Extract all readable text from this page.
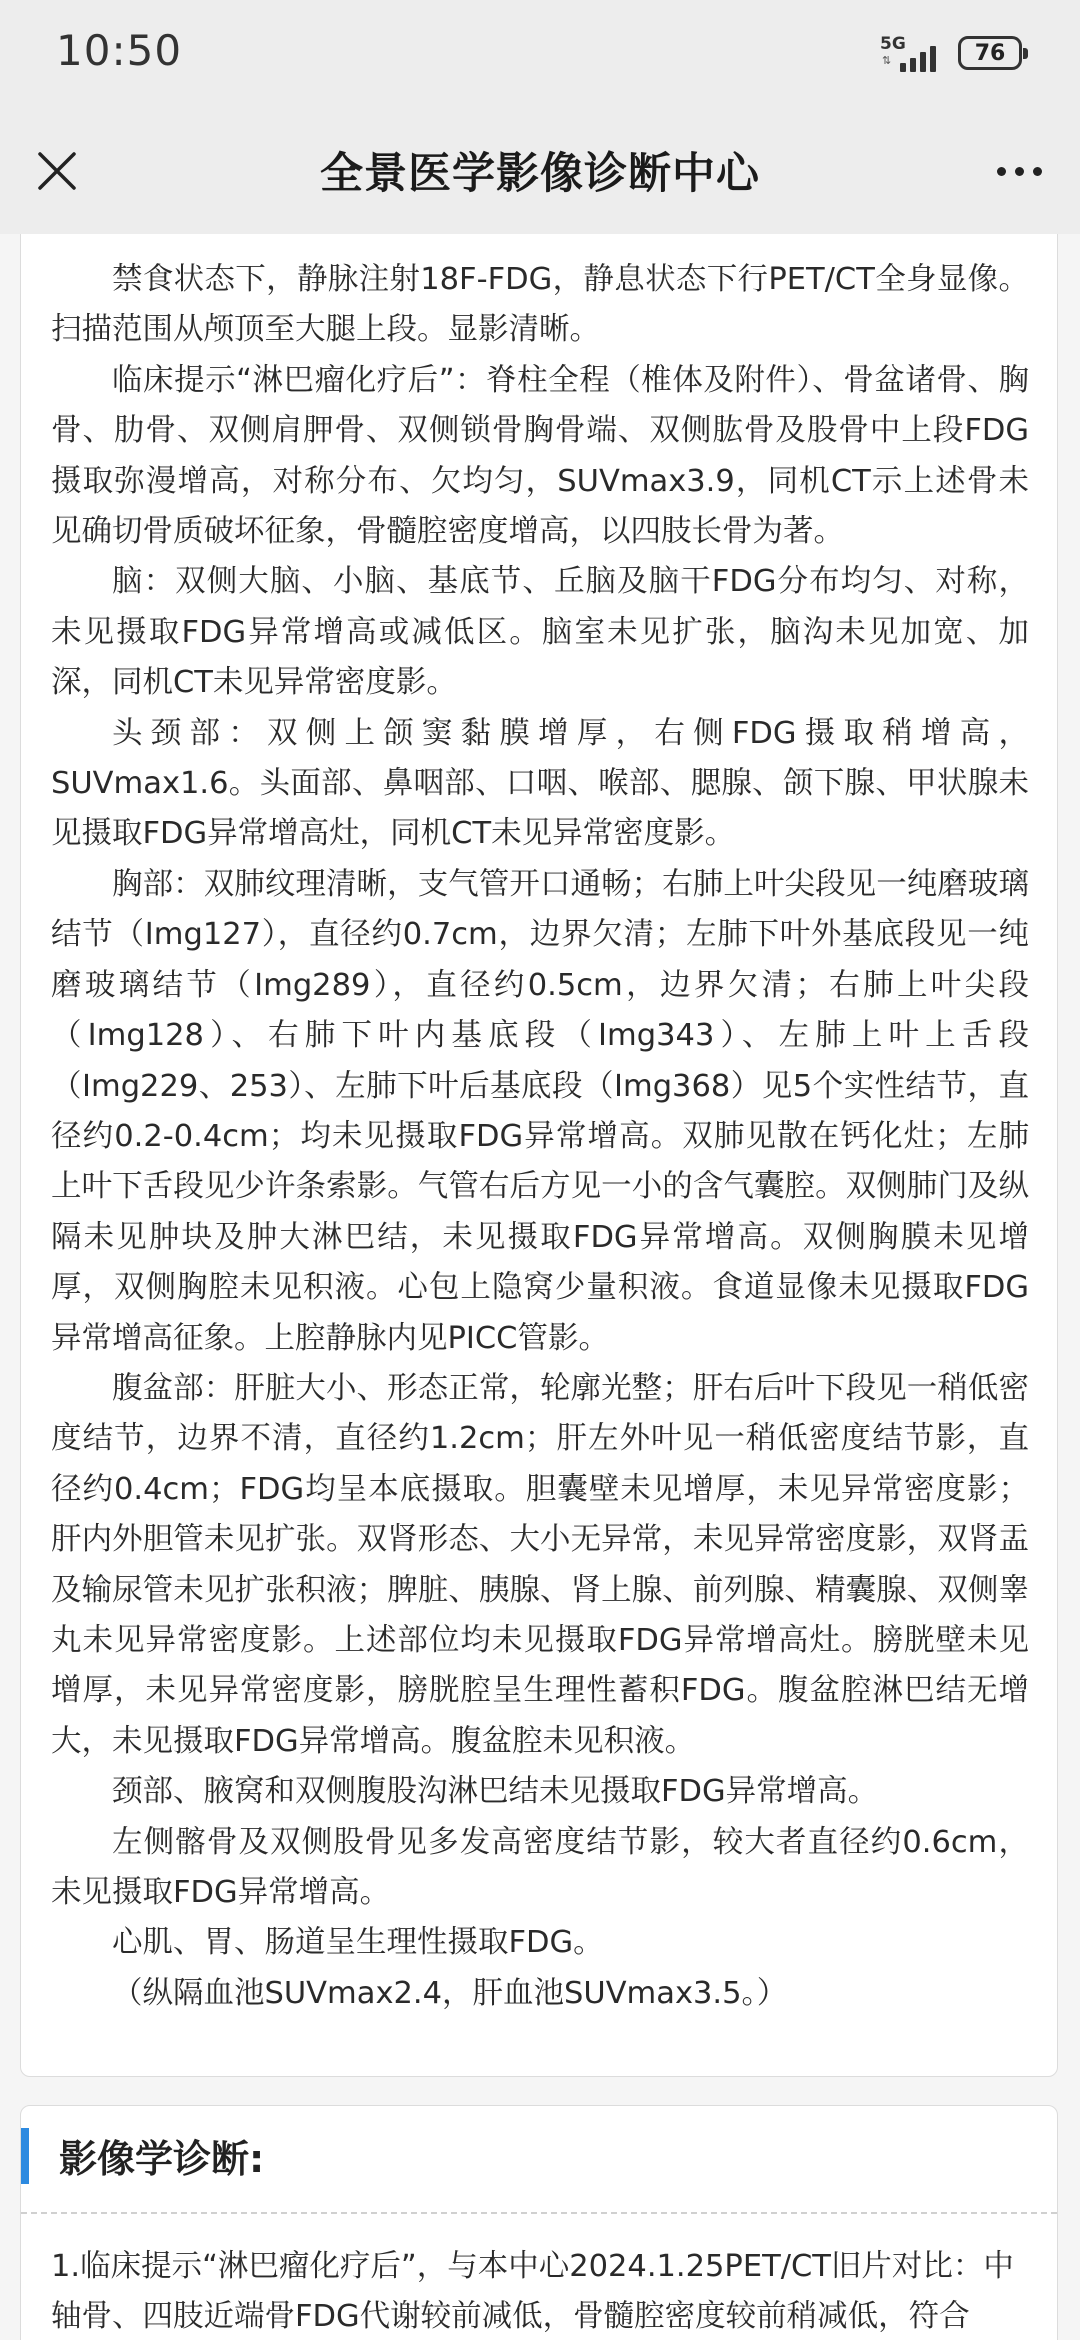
10:50	5G
⇅	76
全景医学影像诊断中心

禁食状态下，静脉注射18F-FDG，静息状态下行PET/CT全身显像。扫描范围从颅顶至大腿上段。显影清晰。

临床提示“淋巴瘤化疗后”：脊柱全程（椎体及附件）、骨盆诸骨、胸骨、肋骨、双侧肩胛骨、双侧锁骨胸骨端、双侧肱骨及股骨中上段FDG摄取弥漫增高，对称分布、欠均匀，SUVmax3.9，同机CT示上述骨未见确切骨质破坏征象，骨髓腔密度增高，以四肢长骨为著。

脑：双侧大脑、小脑、基底节、丘脑及脑干FDG分布均匀、对称，未见摄取FDG异常增高或减低区。脑室未见扩张，脑沟未见加宽、加深，同机CT未见异常密度影。

头颈部：双侧上颌窦黏膜增厚，右侧FDG摄取稍增高，SUVmax1.6。头面部、鼻咽部、口咽、喉部、腮腺、颌下腺、甲状腺未见摄取FDG异常增高灶，同机CT未见异常密度影。

胸部：双肺纹理清晰，支气管开口通畅；右肺上叶尖段见一纯磨玻璃结节（Img127），直径约0.7cm，边界欠清；左肺下叶外基底段见一纯磨玻璃结节（Img289），直径约0.5cm，边界欠清；右肺上叶尖段（Img128）、右肺下叶内基底段（Img343）、左肺上叶上舌段（Img229、253）、左肺下叶后基底段（Img368）见5个实性结节，直径约0.2-0.4cm；均未见摄取FDG异常增高。双肺见散在钙化灶；左肺上叶下舌段见少许条索影。气管右后方见一小的含气囊腔。双侧肺门及纵隔未见肿块及肿大淋巴结，未见摄取FDG异常增高。双侧胸膜未见增厚，双侧胸腔未见积液。心包上隐窝少量积液。食道显像未见摄取FDG异常增高征象。上腔静脉内见PICC管影。

腹盆部：肝脏大小、形态正常，轮廓光整；肝右后叶下段见一稍低密度结节，边界不清，直径约1.2cm；肝左外叶见一稍低密度结节影，直径约0.4cm；FDG均呈本底摄取。胆囊壁未见增厚，未见异常密度影；肝内外胆管未见扩张。双肾形态、大小无异常，未见异常密度影，双肾盂及输尿管未见扩张积液；脾脏、胰腺、肾上腺、前列腺、精囊腺、双侧睾丸未见异常密度影。上述部位均未见摄取FDG异常增高灶。膀胱壁未见增厚，未见异常密度影，膀胱腔呈生理性蓄积FDG。腹盆腔淋巴结无增大，未见摄取FDG异常增高。腹盆腔未见积液。

颈部、腋窝和双侧腹股沟淋巴结未见摄取FDG异常增高。

左侧髂骨及双侧股骨见多发高密度结节影，较大者直径约0.6cm，未见摄取FDG异常增高。

心肌、胃、肠道呈生理性摄取FDG。

（纵隔血池SUVmax2.4，肝血池SUVmax3.5。）

影像学诊断:

1.临床提示“淋巴瘤化疗后”，与本中心2024.1.25PET/CT旧片对比：中轴骨、四肢近端骨FDG代谢较前减低，骨髓腔密度较前稍减低，符合
